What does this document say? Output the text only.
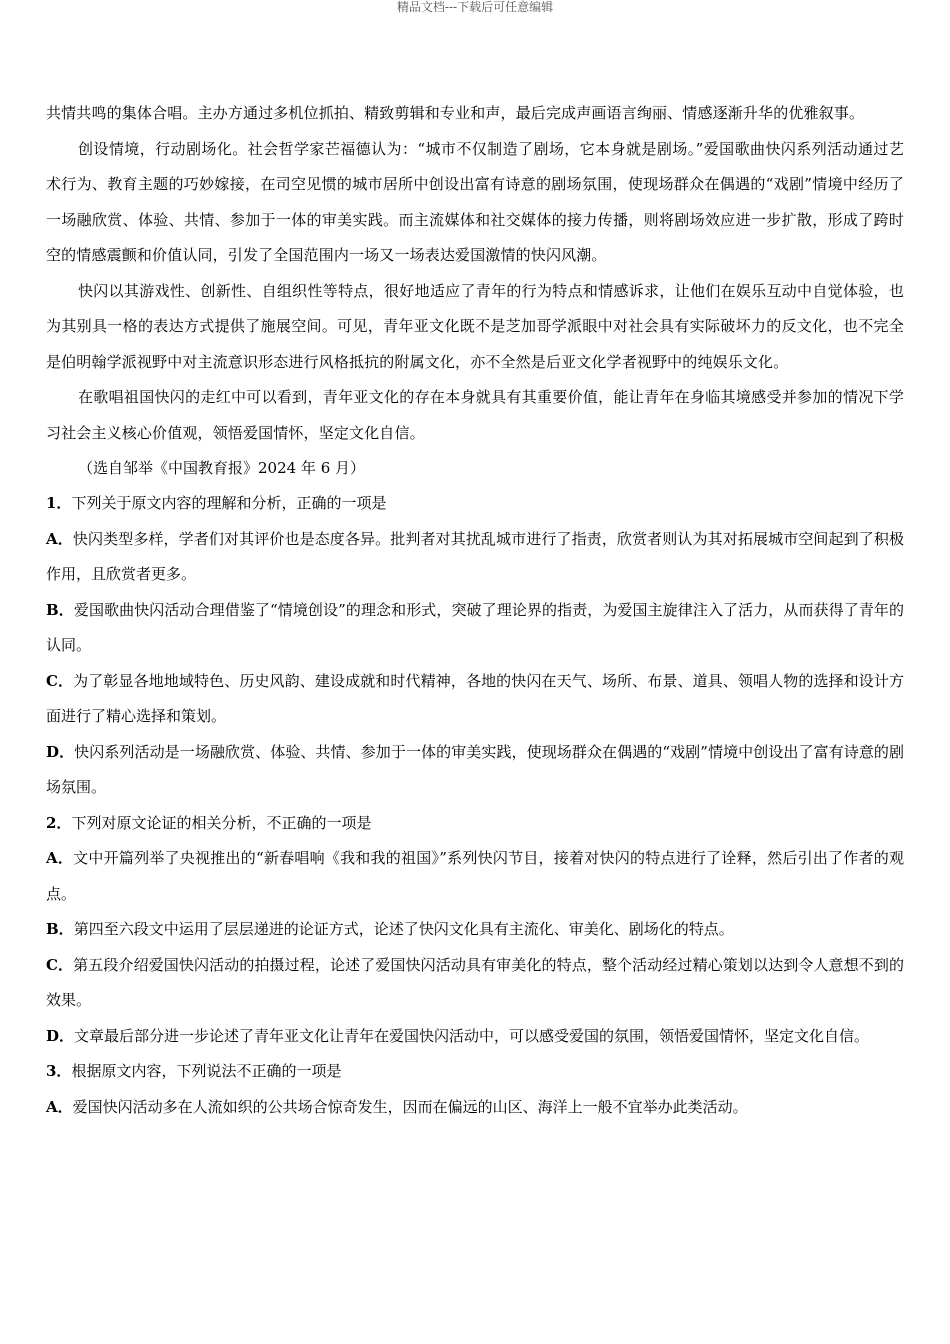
精品文档---下载后可任意编辑

共情共鸣的集体合唱。主办方通过多机位抓拍、精致剪辑和专业和声，最后完成声画语言绚丽、情感逐渐升华的优雅叙事。

创设情境，行动剧场化。社会哲学家芒福德认为：“城市不仅制造了剧场，它本身就是剧场。”爱国歌曲快闪系列活动通过艺术行为、教育主题的巧妙嫁接，在司空见惯的城市居所中创设出富有诗意的剧场氛围，使现场群众在偶遇的“戏剧”情境中经历了一场融欣赏、体验、共情、参加于一体的审美实践。而主流媒体和社交媒体的接力传播，则将剧场效应进一步扩散，形成了跨时空的情感震颤和价值认同，引发了全国范围内一场又一场表达爱国激情的快闪风潮。

快闪以其游戏性、创新性、自组织性等特点，很好地适应了青年的行为特点和情感诉求，让他们在娱乐互动中自觉体验，也为其别具一格的表达方式提供了施展空间。可见，青年亚文化既不是芝加哥学派眼中对社会具有实际破坏力的反文化，也不完全是伯明翰学派视野中对主流意识形态进行风格抵抗的附属文化，亦不全然是后亚文化学者视野中的纯娱乐文化。

在歌唱祖国快闪的走红中可以看到，青年亚文化的存在本身就具有其重要价值，能让青年在身临其境感受并参加的情况下学习社会主义核心价值观，领悟爱国情怀，坚定文化自信。

（选自邹举《中国教育报》2024 年 6 月）

1．下列关于原文内容的理解和分析，正确的一项是

A．快闪类型多样，学者们对其评价也是态度各异。批判者对其扰乱城市进行了指责，欣赏者则认为其对拓展城市空间起到了积极作用，且欣赏者更多。

B．爱国歌曲快闪活动合理借鉴了“情境创设”的理念和形式，突破了理论界的指责，为爱国主旋律注入了活力，从而获得了青年的认同。

C．为了彰显各地地域特色、历史风韵、建设成就和时代精神，各地的快闪在天气、场所、布景、道具、领唱人物的选择和设计方面进行了精心选择和策划。

D．快闪系列活动是一场融欣赏、体验、共情、参加于一体的审美实践，使现场群众在偶遇的“戏剧”情境中创设出了富有诗意的剧场氛围。

2．下列对原文论证的相关分析，不正确的一项是

A．文中开篇列举了央视推出的“新春唱响《我和我的祖国》”系列快闪节目，接着对快闪的特点进行了诠释，然后引出了作者的观点。

B．第四至六段文中运用了层层递进的论证方式，论述了快闪文化具有主流化、审美化、剧场化的特点。

C．第五段介绍爱国快闪活动的拍摄过程，论述了爱国快闪活动具有审美化的特点，整个活动经过精心策划以达到令人意想不到的效果。

D．文章最后部分进一步论述了青年亚文化让青年在爱国快闪活动中，可以感受爱国的氛围，领悟爱国情怀，坚定文化自信。

3．根据原文内容，下列说法不正确的一项是

A．爱国快闪活动多在人流如织的公共场合惊奇发生，因而在偏远的山区、海洋上一般不宜举办此类活动。
